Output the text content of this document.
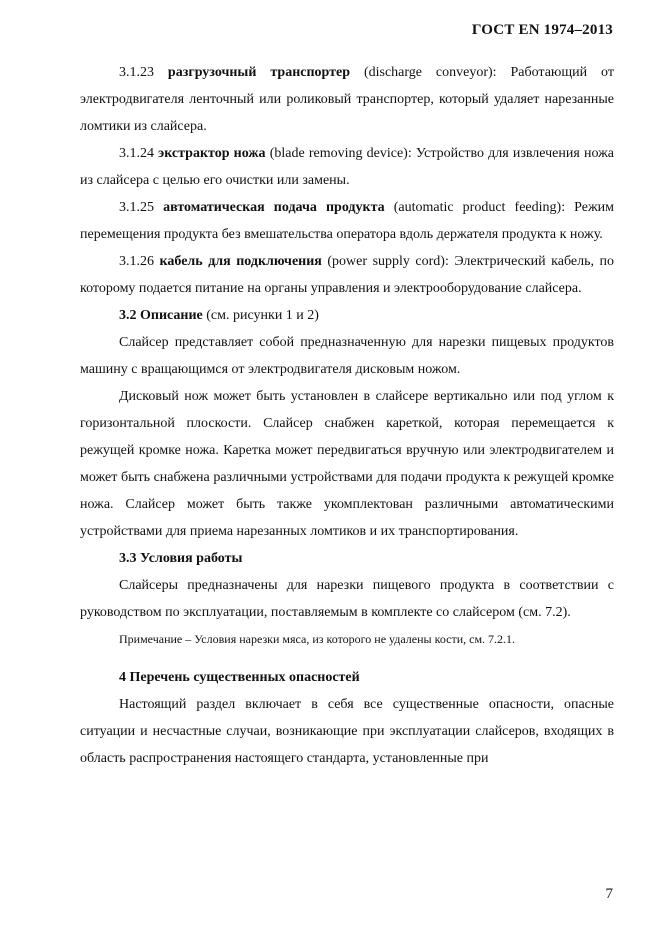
ГОСТ EN 1974–2013

3.1.23 разгрузочный транспортер (discharge conveyor): Работающий от электродвигателя ленточный или роликовый транспортер, который удаляет нарезанные ломтики из слайсера.

3.1.24 экстрактор ножа (blade removing device): Устройство для извлечения ножа из слайсера с целью его очистки или замены.

3.1.25 автоматическая подача продукта (automatic product feeding): Режим перемещения продукта без вмешательства оператора вдоль держателя продукта к ножу.

3.1.26 кабель для подключения (power supply cord): Электрический кабель, по которому подается питание на органы управления и электрооборудование слайсера.

3.2 Описание (см. рисунки 1 и 2)

Слайсер представляет собой предназначенную для нарезки пищевых продуктов машину с вращающимся от электродвигателя дисковым ножом.

Дисковый нож может быть установлен в слайсере вертикально или под углом к горизонтальной плоскости. Слайсер снабжен кареткой, которая перемещается к режущей кромке ножа. Каретка может передвигаться вручную или электродвигателем и может быть снабжена различными устройствами для подачи продукта к режущей кромке ножа. Слайсер может быть также укомплектован различными автоматическими устройствами для приема нарезанных ломтиков и их транспортирования.

3.3 Условия работы

Слайсеры предназначены для нарезки пищевого продукта в соответствии с руководством по эксплуатации, поставляемым в комплекте со слайсером (см. 7.2).

Примечание – Условия нарезки мяса, из которого не удалены кости, см. 7.2.1.

4 Перечень существенных опасностей

Настоящий раздел включает в себя все существенные опасности, опасные ситуации и несчастные случаи, возникающие при эксплуатации слайсеров, входящих в область распространения настоящего стандарта, установленные при

7
